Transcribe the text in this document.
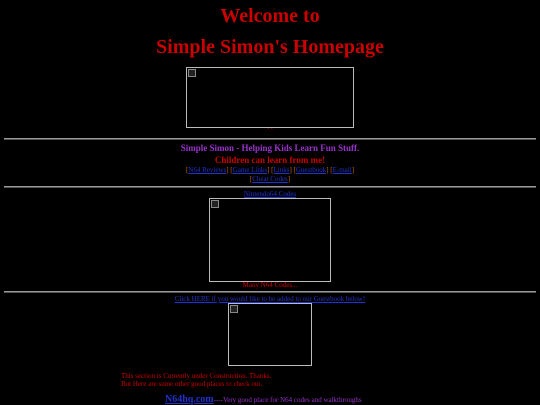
Welcome to
Simple Simon's Homepage
- -
Simple Simon - Helping Kids Learn Fun Stuff.
Children can learn from me!
[N64 Reviews] [Game Links] [Links] [Guestbook] [E-mail]
[Cheat Codes]
Nintendo64 Codes
Many N64 Codes...
Click HERE if you would like to be added to our Guestbook below!
This section is Currently under Construction. Thanks.
But Here are some other good places to check out.
N64hq.com----Very good place for N64 codes and walkthroughs
